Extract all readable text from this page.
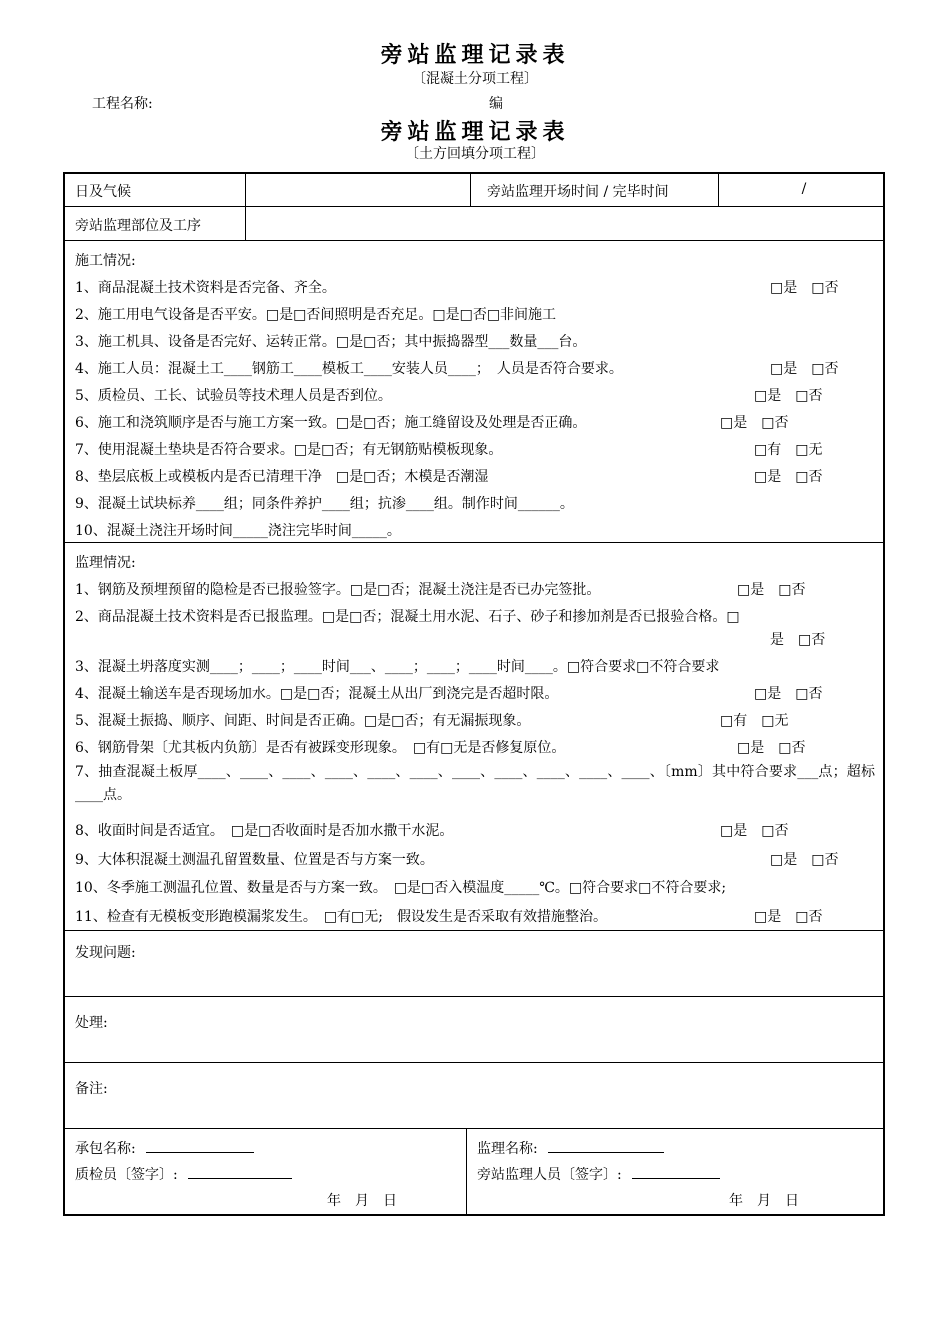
旁站监理记录表
〔混凝土分项工程〕
工程名称:	编
旁站监理记录表
〔土方回填分项工程〕
日及气候	旁站监理开场时间 / 完毕时间	/
旁站监理部位及工序
施工情况:
1、商品混凝土技术资料是否完备、齐全。	□是　□否
2、施工用电气设备是否平安。□是□否间照明是否充足。□是□否□非间施工
3、施工机具、设备是否完好、运转正常。□是□否；其中振捣器型___数量___台。
4、施工人员：混凝土工____钢筋工____模板工____安装人员____；　人员是否符合要求。	□是　□否
5、质检员、工长、试验员等技术理人员是否到位。	□是　□否
6、施工和浇筑顺序是否与施工方案一致。□是□否；施工缝留设及处理是否正确。	□是　□否
7、使用混凝土垫块是否符合要求。□是□否；有无钢筋贴模板现象。	□有　□无
8、垫层底板上或模板内是否已清理干净　□是□否；木模是否潮湿	□是　□否
9、混凝土试块标养____组；同条件养护____组；抗渗____组。制作时间______。
10、混凝土浇注开场时间_____浇注完毕时间_____。
监理情况:
1、钢筋及预埋预留的隐检是否已报验签字。□是□否；混凝土浇注是否已办完签批。	□是　□否
2、商品混凝土技术资料是否已报监理。□是□否；混凝土用水泥、石子、砂子和掺加剂是否已报验合格。□
是　□否
3、混凝土坍落度实测____；____；____时间___、____；____；____时间____。□符合要求□不符合要求
4、混凝土输送车是否现场加水。□是□否；混凝土从出厂到浇完是否超时限。	□是　□否
5、混凝土振捣、顺序、间距、时间是否正确。□是□否；有无漏振现象。	□有　□无
6、钢筋骨架〔尤其板内负筋〕是否有被踩变形现象。　□有□无是否修复原位。	□是　□否
7、抽查混凝土板厚____、____、____、____、____、____、____、____、____、____、____、〔mm〕其中符合要求___点；超标____点。
8、收面时间是否适宜。　□是□否收面时是否加水撒干水泥。	□是　□否
9、大体积混凝土测温孔留置数量、位置是否与方案一致。	□是　□否
10、冬季施工测温孔位置、数量是否与方案一致。　□是□否入模温度_____℃。□符合要求□不符合要求;
11、检查有无模板变形跑模漏浆发生。　□有□无;　假设发生是否采取有效措施整治。	□是　□否
发现问题:
处理:
备注:
承包名称:
质检员〔签字〕:
年　月　日
监理名称:
旁站监理人员〔签字〕:
年　月　日
